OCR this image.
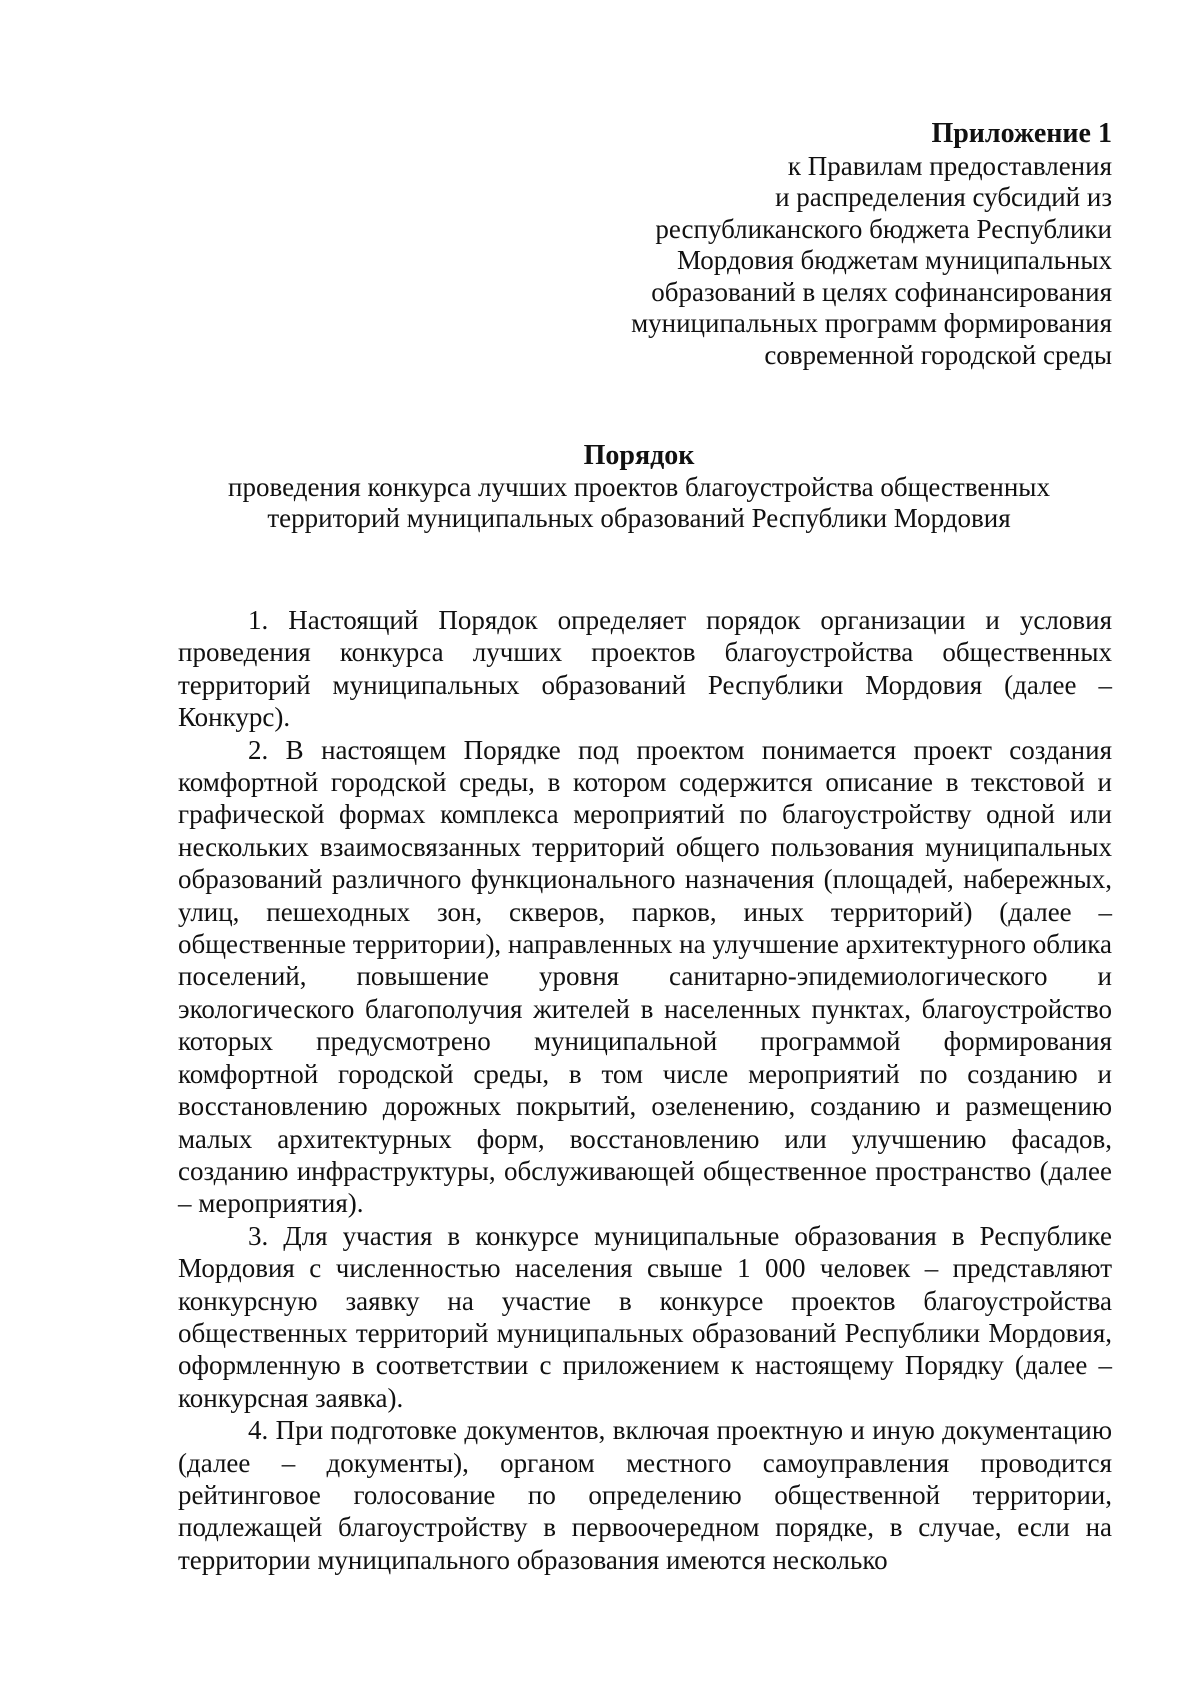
Приложение 1
к Правилам предоставления
и распределения субсидий из
республиканского бюджета Республики
Мордовия бюджетам муниципальных
образований в целях софинансирования
муниципальных программ формирования
современной городской среды
Порядок
проведения конкурса лучших проектов благоустройства общественных
территорий муниципальных образований Республики Мордовия

1. Настоящий Порядок определяет порядок организации и условия проведения конкурса лучших проектов благоустройства общественных территорий муниципальных образований Республики Мордовия (далее – Конкурс).

2. В настоящем Порядке под проектом понимается проект создания комфортной городской среды, в котором содержится описание в текстовой и графической формах комплекса мероприятий по благоустройству одной или нескольких взаимосвязанных территорий общего пользования муниципальных образований различного функционального назначения (площадей, набережных, улиц, пешеходных зон, скверов, парков, иных территорий) (далее – общественные территории), направленных на улучшение архитектурного облика поселений, повышение уровня санитарно-эпидемиологического и экологического благополучия жителей в населенных пунктах, благоустройство которых предусмотрено муниципальной программой формирования комфортной городской среды, в том числе мероприятий по созданию и восстановлению дорожных покрытий, озеленению, созданию и размещению малых архитектурных форм, восстановлению или улучшению фасадов, созданию инфраструктуры, обслуживающей общественное пространство (далее – мероприятия).

3. Для участия в конкурсе муниципальные образования в Республике Мордовия с численностью населения свыше 1 000 человек – представляют конкурсную заявку на участие в конкурсе проектов благоустройства общественных территорий муниципальных образований Республики Мордовия, оформленную в соответствии с приложением к настоящему Порядку (далее – конкурсная заявка).

4. При подготовке документов, включая проектную и иную документацию (далее – документы), органом местного самоуправления проводится рейтинговое голосование по определению общественной территории, подлежащей благоустройству в первоочередном порядке, в случае, если на территории муниципального образования имеются несколько
